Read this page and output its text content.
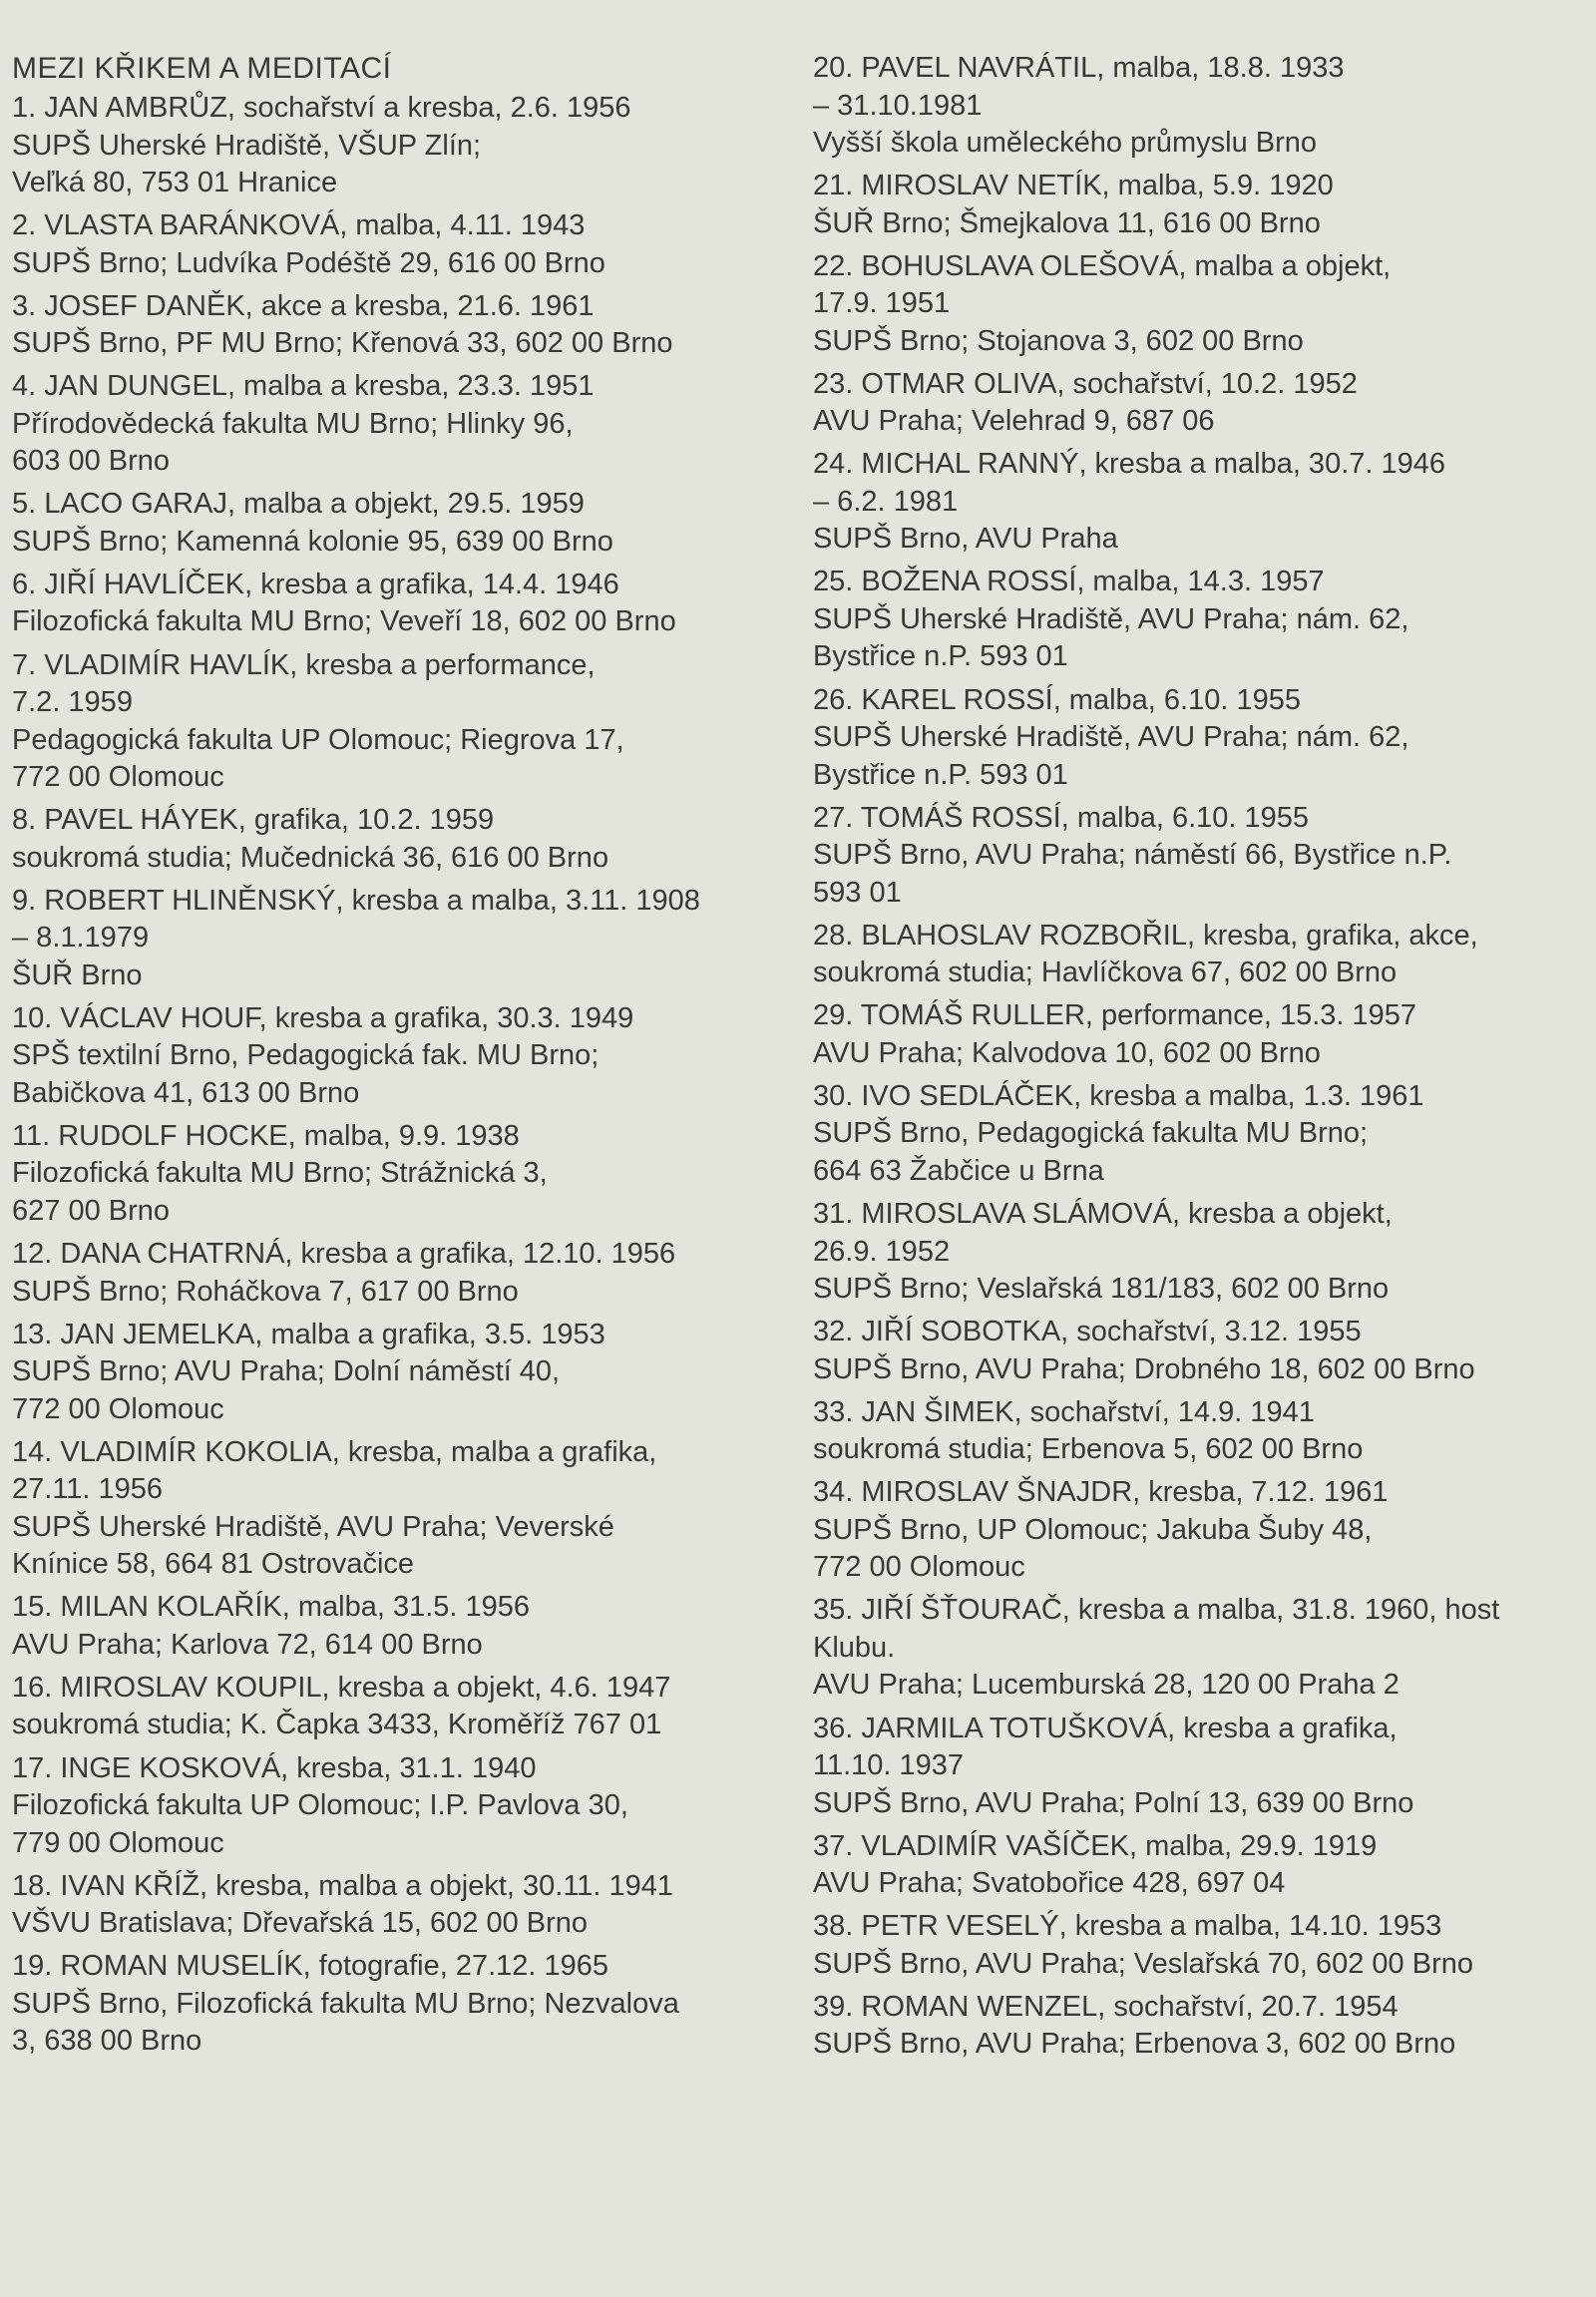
MEZI KŘIKEM A MEDITACÍ
1. JAN AMBRŮZ, sochařství a kresba, 2.6. 1956
SUPŠ Uherské Hradiště, VŠUP Zlín;
Veľká 80, 753 01 Hranice
2. VLASTA BARÁNKOVÁ, malba, 4.11. 1943
SUPŠ Brno; Ludvíka Podéště 29, 616 00 Brno
3. JOSEF DANĚK, akce a kresba, 21.6. 1961
SUPŠ Brno, PF MU Brno; Křenová 33, 602 00 Brno
4. JAN DUNGEL, malba a kresba, 23.3. 1951
Přírodovědecká fakulta MU Brno; Hlinky 96,
603 00 Brno
5. LACO GARAJ, malba a objekt, 29.5. 1959
SUPŠ Brno; Kamenná kolonie 95, 639 00 Brno
6. JIŘÍ HAVLÍČEK, kresba a grafika, 14.4. 1946
Filozofická fakulta MU Brno; Veveří 18, 602 00 Brno
7. VLADIMÍR HAVLÍK, kresba a performance,
7.2. 1959
Pedagogická fakulta UP Olomouc; Riegrova 17,
772 00 Olomouc
8. PAVEL HÁYEK, grafika, 10.2. 1959
soukromá studia; Mučednická 36, 616 00 Brno
9. ROBERT HLINĚNSKÝ, kresba a malba, 3.11. 1908
– 8.1.1979
ŠUŘ Brno
10. VÁCLAV HOUF, kresba a grafika, 30.3. 1949
SPŠ textilní Brno, Pedagogická fak. MU Brno;
Babičkova 41, 613 00 Brno
11. RUDOLF HOCKE, malba, 9.9. 1938
Filozofická fakulta MU Brno; Strážnická 3,
627 00 Brno
12. DANA CHATRNÁ, kresba a grafika, 12.10. 1956
SUPŠ Brno; Roháčkova 7, 617 00 Brno
13. JAN JEMELKA, malba a grafika, 3.5. 1953
SUPŠ Brno; AVU Praha; Dolní náměstí 40,
772 00 Olomouc
14. VLADIMÍR KOKOLIA, kresba, malba a grafika,
27.11. 1956
SUPŠ Uherské Hradiště, AVU Praha; Veverské
Knínice 58, 664 81 Ostrovačice
15. MILAN KOLAŘÍK, malba, 31.5. 1956
AVU Praha; Karlova 72, 614 00 Brno
16. MIROSLAV KOUPIL, kresba a objekt, 4.6. 1947
soukromá studia; K. Čapka 3433, Kroměříž 767 01
17. INGE KOSKOVÁ, kresba, 31.1. 1940
Filozofická fakulta UP Olomouc; I.P. Pavlova 30,
779 00 Olomouc
18. IVAN KŘÍŽ, kresba, malba a objekt, 30.11. 1941
VŠVU Bratislava; Dřevařská 15, 602 00 Brno
19. ROMAN MUSELÍK, fotografie, 27.12. 1965
SUPŠ Brno, Filozofická fakulta MU Brno; Nezvalova
3, 638 00 Brno
20. PAVEL NAVRÁTIL, malba, 18.8. 1933
– 31.10.1981
Vyšší škola uměleckého průmyslu Brno
21. MIROSLAV NETÍK, malba, 5.9. 1920
ŠUŘ Brno; Šmejkalova 11, 616 00 Brno
22. BOHUSLAVA OLEŠOVÁ, malba a objekt,
17.9. 1951
SUPŠ Brno; Stojanova 3, 602 00 Brno
23. OTMAR OLIVA, sochařství, 10.2. 1952
AVU Praha; Velehrad 9, 687 06
24. MICHAL RANNÝ, kresba a malba, 30.7. 1946
– 6.2. 1981
SUPŠ Brno, AVU Praha
25. BOŽENA ROSSÍ, malba, 14.3. 1957
SUPŠ Uherské Hradiště, AVU Praha; nám. 62,
Bystřice n.P. 593 01
26. KAREL ROSSÍ, malba, 6.10. 1955
SUPŠ Uherské Hradiště, AVU Praha; nám. 62,
Bystřice n.P. 593 01
27. TOMÁŠ ROSSÍ, malba, 6.10. 1955
SUPŠ Brno, AVU Praha; náměstí 66, Bystřice n.P.
593 01
28. BLAHOSLAV ROZBOŘIL, kresba, grafika, akce,
soukromá studia; Havlíčkova 67, 602 00 Brno
29. TOMÁŠ RULLER, performance, 15.3. 1957
AVU Praha; Kalvodova 10, 602 00 Brno
30. IVO SEDLÁČEK, kresba a malba, 1.3. 1961
SUPŠ Brno, Pedagogická fakulta MU Brno;
664 63 Žabčice u Brna
31. MIROSLAVA SLÁMOVÁ, kresba a objekt,
26.9. 1952
SUPŠ Brno; Veslařská 181/183, 602 00 Brno
32. JIŘÍ SOBOTKA, sochařství, 3.12. 1955
SUPŠ Brno, AVU Praha; Drobného 18, 602 00 Brno
33. JAN ŠIMEK, sochařství, 14.9. 1941
soukromá studia; Erbenova 5, 602 00 Brno
34. MIROSLAV ŠNAJDR, kresba, 7.12. 1961
SUPŠ Brno, UP Olomouc; Jakuba Šuby 48,
772 00 Olomouc
35. JIŘÍ ŠŤOURAČ, kresba a malba, 31.8. 1960, host
Klubu.
AVU Praha; Lucemburská 28, 120 00 Praha 2
36. JARMILA TOTUŠKOVÁ, kresba a grafika,
11.10. 1937
SUPŠ Brno, AVU Praha; Polní 13, 639 00 Brno
37. VLADIMÍR VAŠÍČEK, malba, 29.9. 1919
AVU Praha; Svatobořice 428, 697 04
38. PETR VESELÝ, kresba a malba, 14.10. 1953
SUPŠ Brno, AVU Praha; Veslařská 70, 602 00 Brno
39. ROMAN WENZEL, sochařství, 20.7. 1954
SUPŠ Brno, AVU Praha; Erbenova 3, 602 00 Brno
